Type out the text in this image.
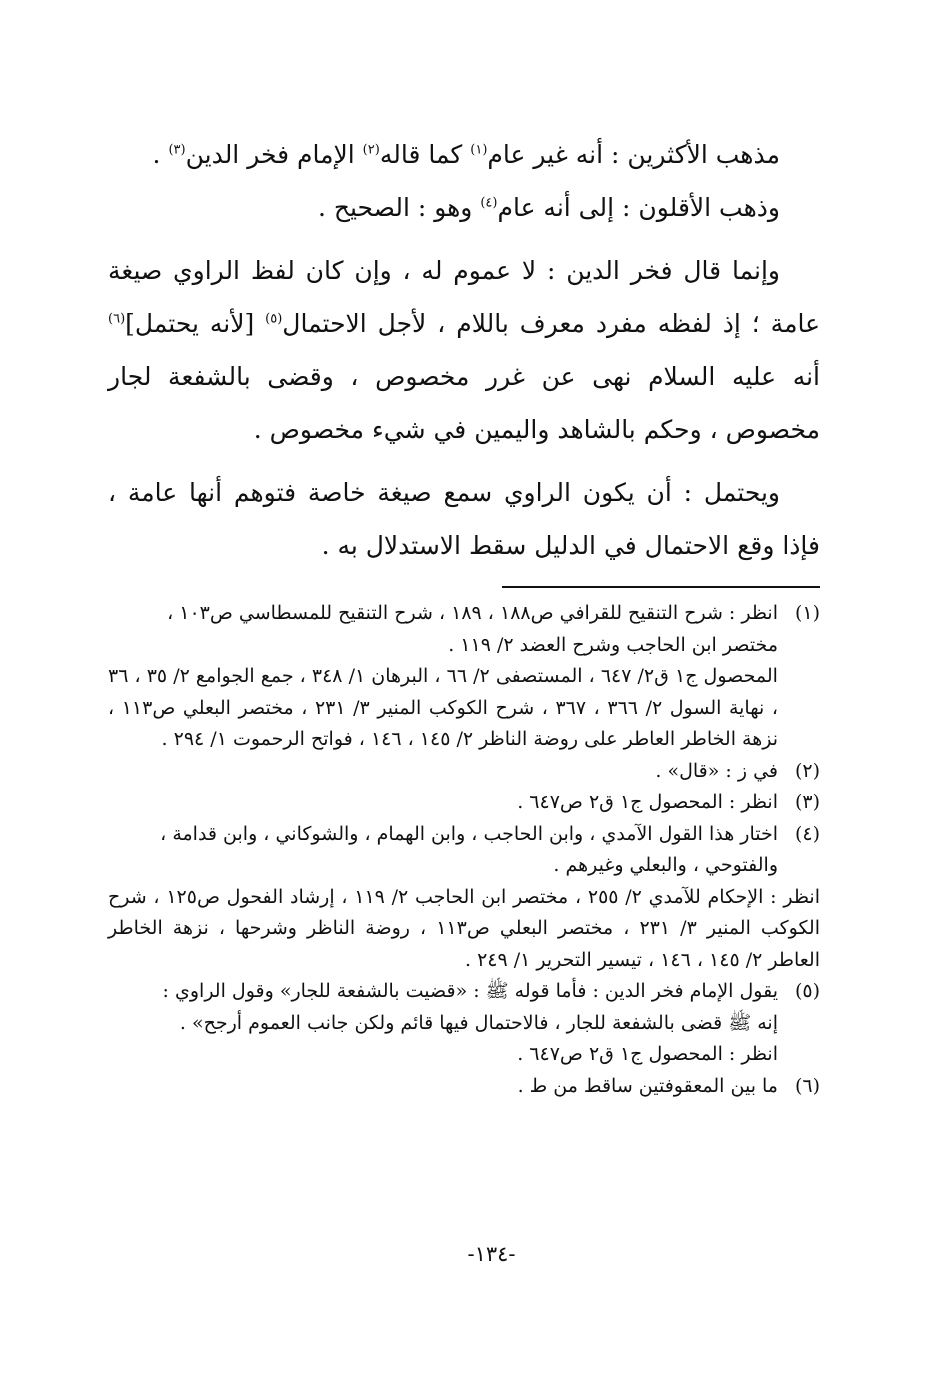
مذهب الأكثرين : أنه غير عام$^{(١)}$ كما قاله$^{(٢)}$ الإمام فخر الدين$^{(٣)}$ .

وذهب الأقلون : إلى أنه عام$^{(٤)}$ وهو : الصحيح .

وإنما قال فخر الدين : لا عموم له ، وإن كان لفظ الراوي صيغة عامة ؛ إذ لفظه مفرد معرف باللام ، لأجل الاحتمال$^{(٥)}$ [لأنه يحتمل]$^{(٦)}$ أنه عليه السلام نهى عن غرر مخصوص ، وقضى بالشفعة لجار مخصوص ، وحكم بالشاهد واليمين في شيء مخصوص .

ويحتمل : أن يكون الراوي سمع صيغة خاصة فتوهم أنها عامة ، فإذا وقع الاحتمال في الدليل سقط الاستدلال به .

(١)
انظر : شرح التنقيح للقرافي ص١٨٨ ، ١٨٩ ، شرح التنقيح للمسطاسي ص١٠٣ ،
مختصر ابن الحاجب وشرح العضد ٢/ ١١٩ .
المحصول ج١ ق٢/ ٦٤٧ ، المستصفى ٢/ ٦٦ ، البرهان ١/ ٣٤٨ ، جمع الجوامع ٢/ ٣٥ ، ٣٦ ، نهاية السول ٢/ ٣٦٦ ، ٣٦٧ ، شرح الكوكب المنير ٣/ ٢٣١ ، مختصر البعلي ص١١٣ ، نزهة الخاطر العاطر على روضة الناظر ٢/ ١٤٥ ، ١٤٦ ، فواتح الرحموت ١/ ٢٩٤ .
(٢)
في ز : «قال» .
(٣)
انظر : المحصول ج١ ق٢ ص٦٤٧ .
(٤)
اختار هذا القول الآمدي ، وابن الحاجب ، وابن الهمام ، والشوكاني ، وابن قدامة ،
والفتوحي ، والبعلي وغيرهم .
انظر : الإحكام للآمدي ٢/ ٢٥٥ ، مختصر ابن الحاجب ٢/ ١١٩ ، إرشاد الفحول ص١٢٥ ، شرح الكوكب المنير ٣/ ٢٣١ ، مختصر البعلي ص١١٣ ، روضة الناظر وشرحها ، نزهة الخاطر العاطر ٢/ ١٤٥ ، ١٤٦ ، تيسير التحرير ١/ ٢٤٩ .
(٥)
يقول الإمام فخر الدين : فأما قوله ﷺ : «قضيت بالشفعة للجار» وقول الراوي :
إنه ﷺ قضى بالشفعة للجار ، فالاحتمال فيها قائم ولكن جانب العموم أرجح» .
انظر : المحصول ج١ ق٢ ص٦٤٧ .
(٦)
ما بين المعقوفتين ساقط من ط .
-١٣٤-
